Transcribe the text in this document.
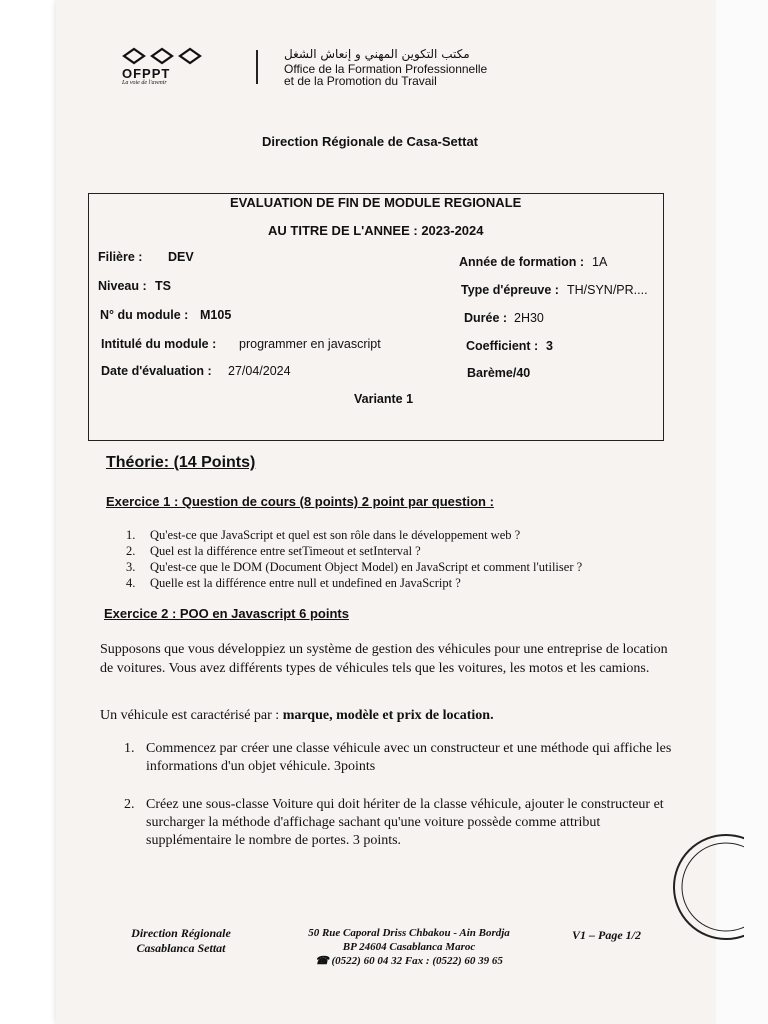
OFPPT
La voie de l'avenir
مكتب التكوين المهني و إنعاش الشغل
Office de la Formation Professionnelle
et de la Promotion du Travail
Direction Régionale de Casa-Settat
EVALUATION DE FIN DE MODULE REGIONALE
AU TITRE DE L'ANNEE : 2023-2024
Filière : DEV
Niveau : TS
N° du module : M105
Intitulé du module : programmer en javascript
Date d'évaluation : 27/04/2024
Année de formation : 1A
Type d'épreuve : TH/SYN/PR....
Durée : 2H30
Coefficient : 3
Barème/40
Variante 1
Théorie: (14 Points)
Exercice 1 : Question de cours (8 points) 2 point par question :
1.	Qu'est-ce que JavaScript et quel est son rôle dans le développement web ?
2.	Quel est la différence entre setTimeout et setInterval ?
3.	Qu'est-ce que le DOM (Document Object Model) en JavaScript et comment l'utiliser ?
4.	Quelle est la différence entre null et undefined en JavaScript ?
Exercice 2 : POO en Javascript 6 points
Supposons que vous développiez un système de gestion des véhicules pour une entreprise de location de voitures. Vous avez différents types de véhicules tels que les voitures, les motos et les camions.
Un véhicule est caractérisé par : marque, modèle et prix de location.
1. Commencez par créer une classe véhicule avec un constructeur et une méthode qui affiche les informations d'un objet véhicule. 3points
2. Créez une sous-classe Voiture qui doit hériter de la classe véhicule, ajouter le constructeur et surcharger la méthode d'affichage sachant qu'une voiture possède comme attribut supplémentaire le nombre de portes. 3 points.
Direction Régionale
Casablanca Settat
50 Rue Caporal Driss Chbakou - Ain Bordja
BP 24604 Casablanca Maroc
☎ (0522) 60 04 32 Fax : (0522) 60 39 65
V1 – Page 1/2
